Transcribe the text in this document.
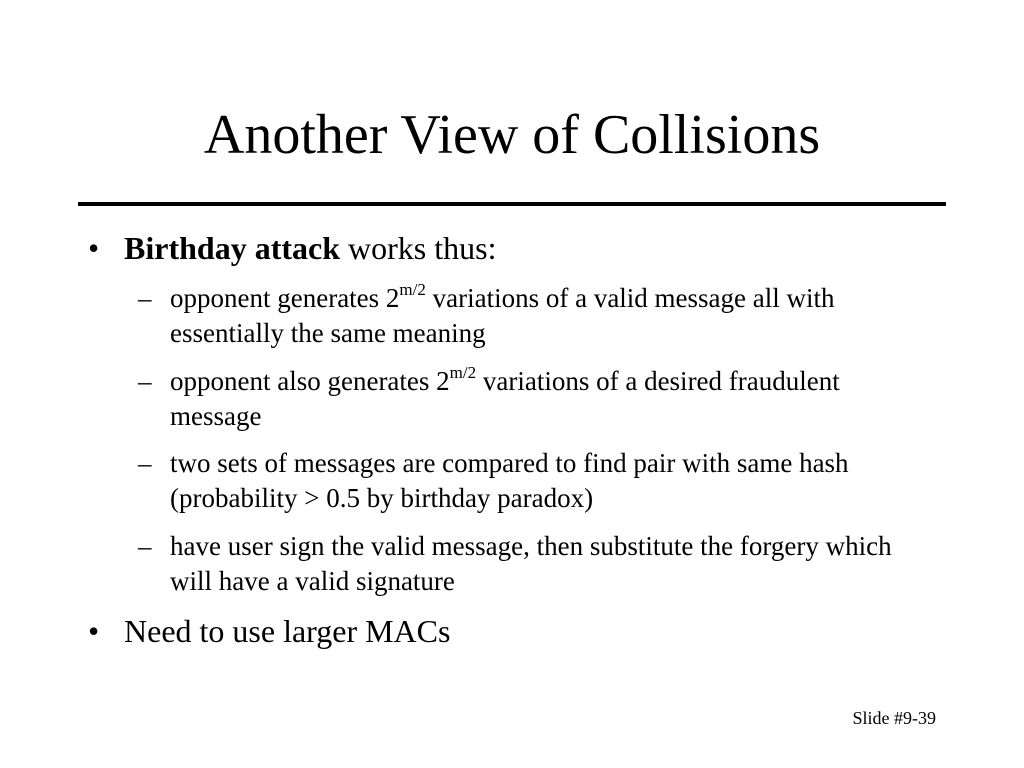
Another View of Collisions
• Birthday attack works thus:
– opponent generates $2^{m/2}$ variations of a valid message all with essentially the same meaning
– opponent also generates $2^{m/2}$ variations of a desired fraudulent message
– two sets of messages are compared to find pair with same hash (probability > 0.5 by birthday paradox)
– have user sign the valid message, then substitute the forgery which will have a valid signature
• Need to use larger MACs
Slide #9-39
